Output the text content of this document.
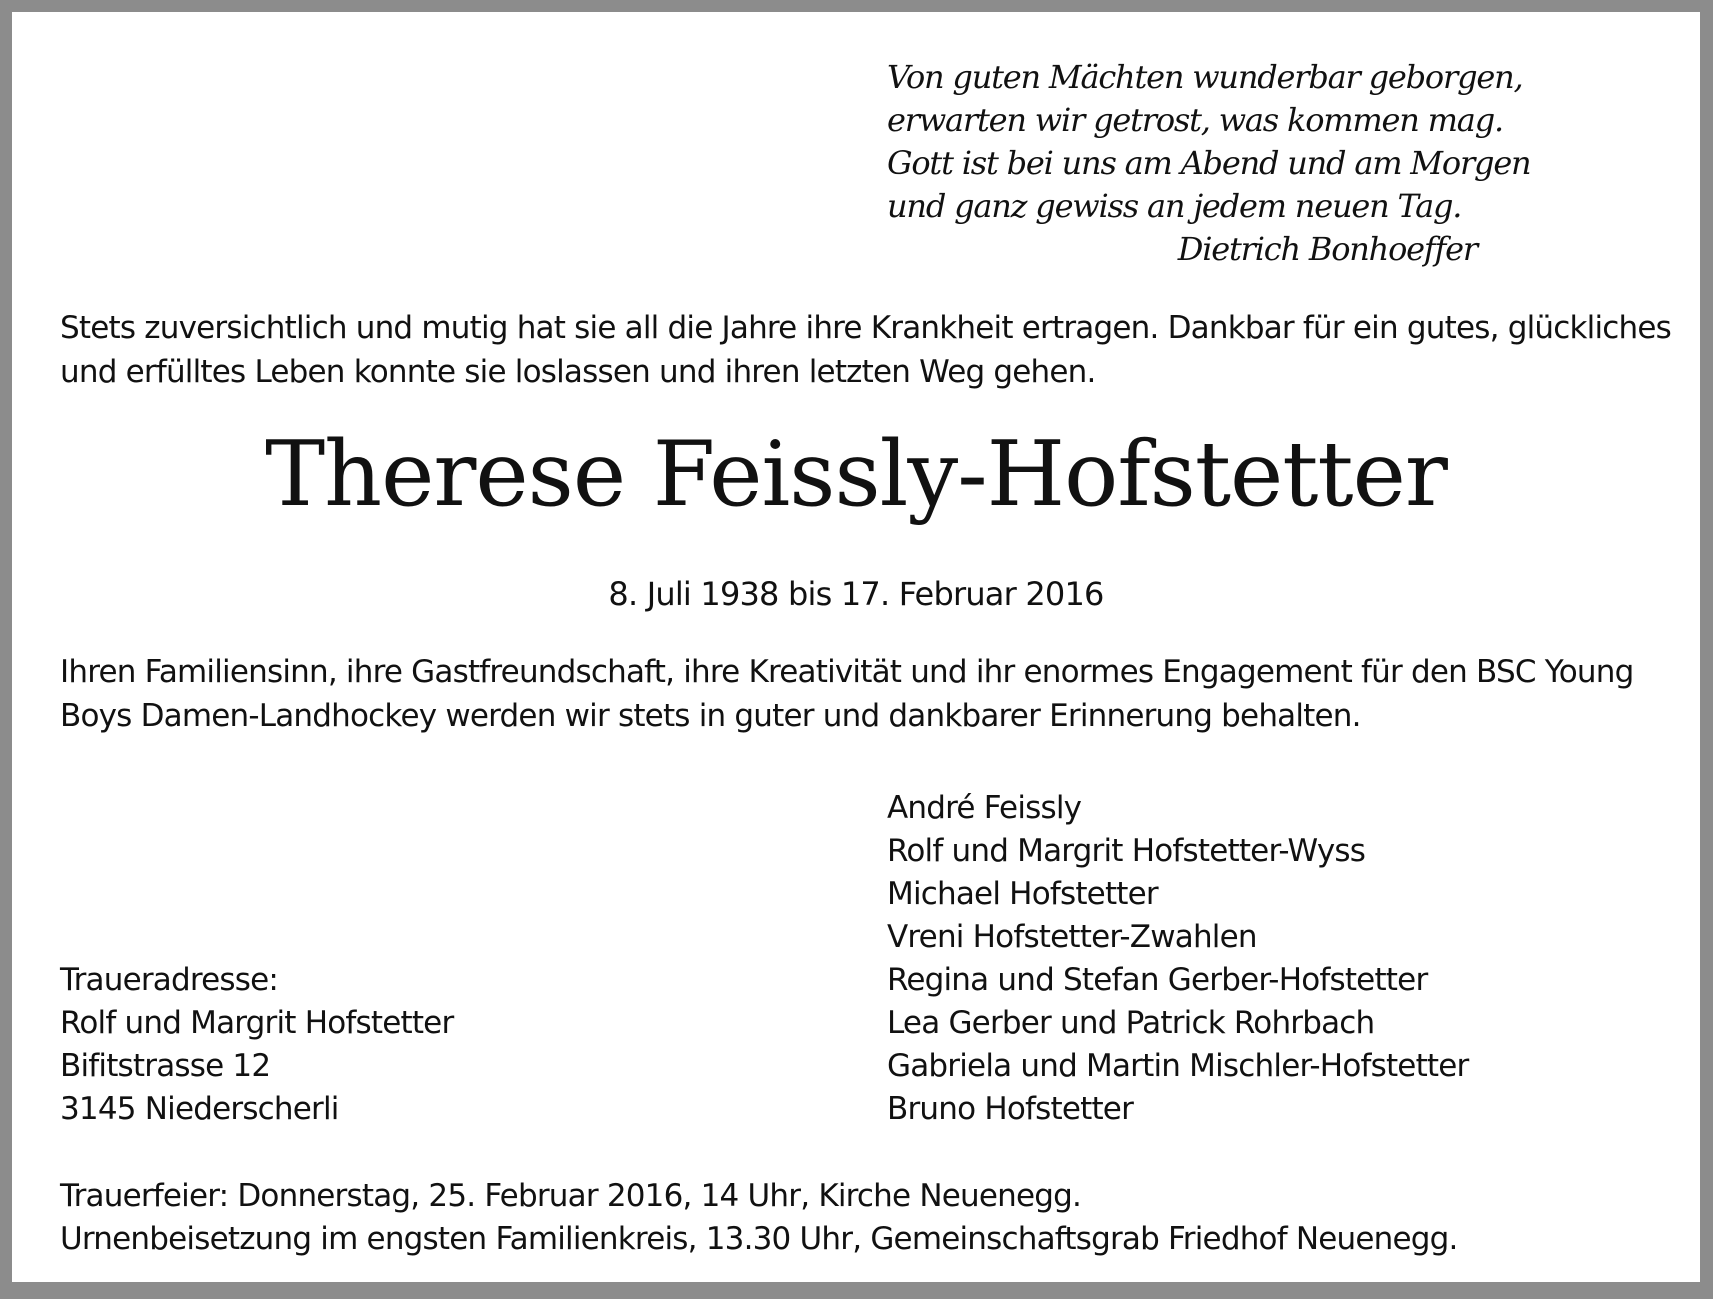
Von guten Mächten wunderbar geborgen,
erwarten wir getrost, was kommen mag.
Gott ist bei uns am Abend und am Morgen
und ganz gewiss an jedem neuen Tag.
Dietrich Bonhoeffer
Stets zuversichtlich und mutig hat sie all die Jahre ihre Krankheit ertragen. Dankbar für ein gutes, glückliches
und erfülltes Leben konnte sie loslassen und ihren letzten Weg gehen.
Therese Feissly-Hofstetter
8. Juli 1938 bis 17. Februar 2016
Ihren Familiensinn, ihre Gastfreundschaft, ihre Kreativität und ihr enormes Engagement für den BSC Young
Boys Damen-Landhockey werden wir stets in guter und dankbarer Erinnerung behalten.
André Feissly
Rolf und Margrit Hofstetter-Wyss
Michael Hofstetter
Vreni Hofstetter-Zwahlen
Regina und Stefan Gerber-Hofstetter
Lea Gerber und Patrick Rohrbach
Gabriela und Martin Mischler-Hofstetter
Bruno Hofstetter
Traueradresse:
Rolf und Margrit Hofstetter
Bifitstrasse 12
3145 Niederscherli
Trauerfeier: Donnerstag, 25. Februar 2016, 14 Uhr, Kirche Neuenegg.
Urnenbeisetzung im engsten Familienkreis, 13.30 Uhr, Gemeinschaftsgrab Friedhof Neuenegg.
